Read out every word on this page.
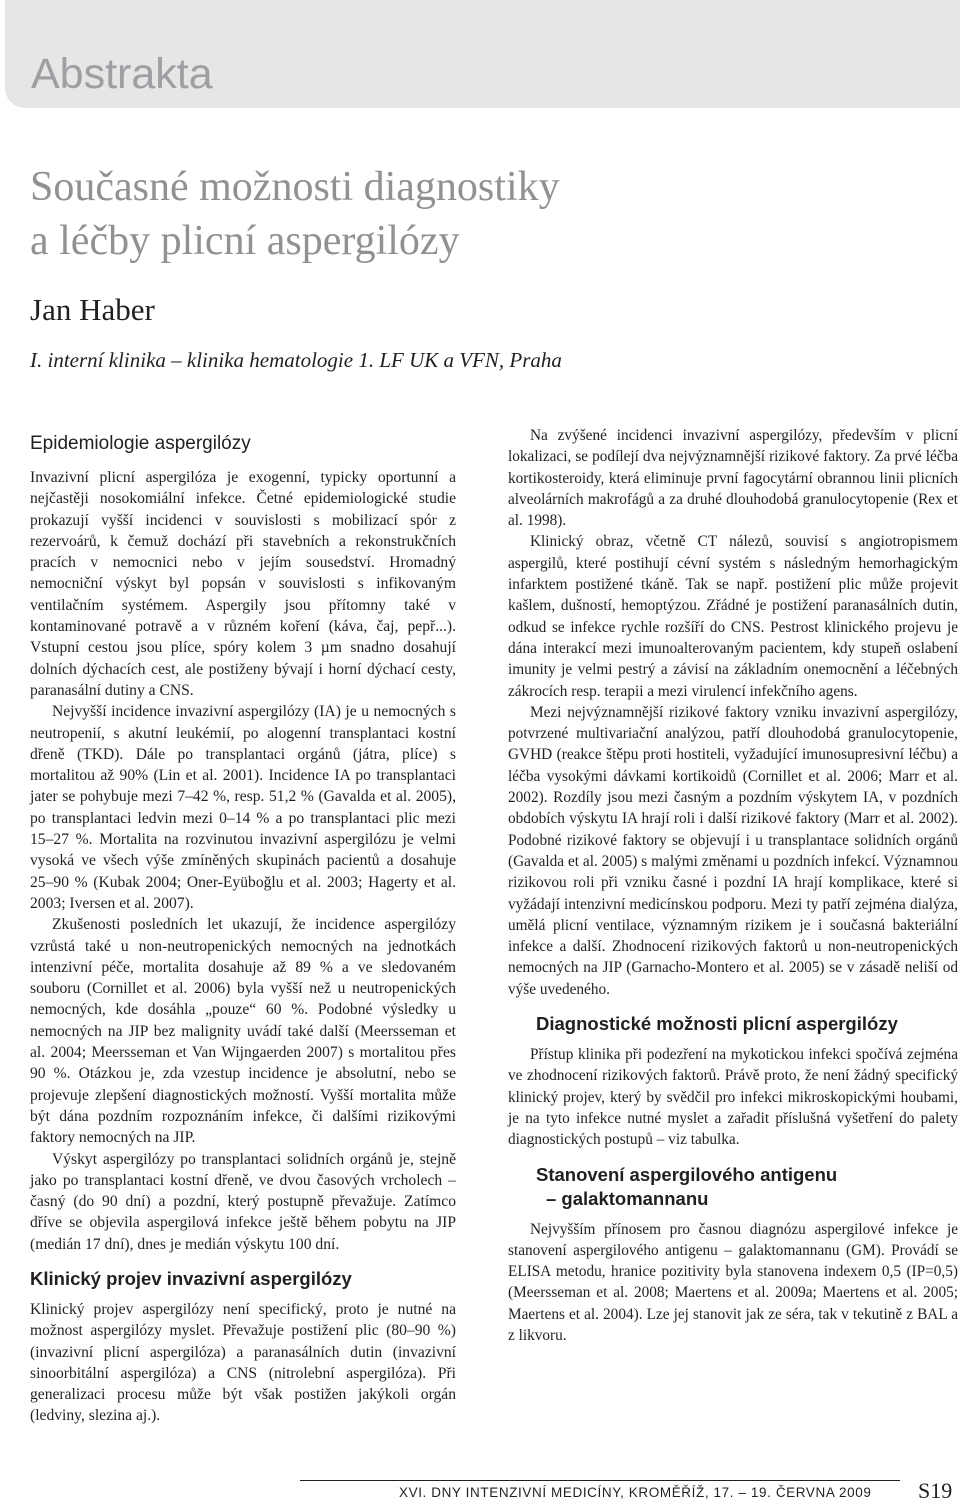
Abstrakta
Současné možnosti diagnostiky
a léčby plicní aspergilózy
Jan Haber
I. interní klinika – klinika hematologie 1. LF UK a VFN, Praha
Epidemiologie aspergilózy

Invazivní plicní aspergilóza je exogenní, typicky oportunní a nejčastěji nosokomiální infekce. Četné epidemiologické studie prokazují vyšší incidenci v souvislosti s mobilizací spór z rezervoárů, k čemuž dochází při stavebních a rekonstrukčních pracích v nemocnici nebo v jejím sousedství. Hromadný nemocniční výskyt byl popsán v souvislosti s infikovaným ventilačním systémem. Aspergily jsou přítomny také v kontaminované potravě a v různém koření (káva, čaj, pepř...). Vstupní cestou jsou plíce, spóry kolem 3 µm snadno dosahují dolních dýchacích cest, ale postiženy bývají i horní dýchací cesty, paranasální dutiny a CNS.

Nejvyšší incidence invazivní aspergilózy (IA) je u nemocných s neutropenií, s akutní leukémií, po alogenní transplantaci kostní dřeně (TKD). Dále po transplantaci orgánů (játra, plíce) s mortalitou až 90% (Lin et al. 2001). Incidence IA po transplantaci jater se pohybuje mezi 7–42 %, resp. 51,2 % (Gavalda et al. 2005), po transplantaci ledvin mezi 0–14 % a po transplantaci plic mezi 15–27 %. Mortalita na rozvinutou invazivní aspergilózu je velmi vysoká ve všech výše zmíněných skupinách pacientů a dosahuje 25–90 % (Kubak 2004; Oner-Eyüboğlu et al. 2003; Hagerty et al. 2003; Iversen et al. 2007).

Zkušenosti posledních let ukazují, že incidence aspergilózy vzrůstá také u non-neutropenických nemocných na jednotkách intenzivní péče, mortalita dosahuje až 89 % a ve sledovaném souboru (Cornillet et al. 2006) byla vyšší než u neutropenických nemocných, kde dosáhla „pouze“ 60 %. Podobné výsledky u nemocných na JIP bez malignity uvádí také další (Meersseman et al. 2004; Meersseman et Van Wijngaerden 2007) s mortalitou přes 90 %. Otázkou je, zda vzestup incidence je absolutní, nebo se projevuje zlepšení diagnostických možností. Vyšší mortalita může být dána pozdním rozpoznáním infekce, či dalšími rizikovými faktory nemocných na JIP.

Výskyt aspergilózy po transplantaci solidních orgánů je, stejně jako po transplantaci kostní dřeně, ve dvou časových vrcholech – časný (do 90 dní) a pozdní, který postupně převažuje. Zatímco dříve se objevila aspergilová infekce ještě během pobytu na JIP (medián 17 dní), dnes je medián výskytu 100 dní.

Klinický projev invazivní aspergilózy

Klinický projev aspergilózy není specifický, proto je nutné na možnost aspergilózy myslet. Převažuje postižení plic (80–90 %) (invazivní plicní aspergilóza) a paranasálních dutin (invazivní sinoorbitální aspergilóza) a CNS (nitrolební aspergilóza). Při generalizaci procesu může být však postižen jakýkoli orgán (ledviny, slezina aj.).

Na zvýšené incidenci invazivní aspergilózy, především v plicní lokalizaci, se podílejí dva nejvýznamnější rizikové faktory. Za prvé léčba kortikosteroidy, která eliminuje první fagocytární obrannou linii plicních alveolárních makrofágů a za druhé dlouhodobá granulocytopenie (Rex et al. 1998).

Klinický obraz, včetně CT nálezů, souvisí s angiotropismem aspergilů, které postihují cévní systém s následným hemorhagickým infarktem postižené tkáně. Tak se např. postižení plic může projevit kašlem, dušností, hemoptýzou. Zřádné je postižení paranasálních dutin, odkud se infekce rychle rozšíří do CNS. Pestrost klinického projevu je dána interakcí mezi imunoalterovaným pacientem, kdy stupeň oslabení imunity je velmi pestrý a závisí na základním onemocnění a léčebných zákrocích resp. terapii a mezi virulencí infekčního agens.

Mezi nejvýznamnější rizikové faktory vzniku invazivní aspergilózy, potvrzené multivariační analýzou, patří dlouhodobá granulocytopenie, GVHD (reakce štěpu proti hostiteli, vyžadující imunosupresivní léčbu) a léčba vysokými dávkami kortikoidů (Cornillet et al. 2006; Marr et al. 2002). Rozdíly jsou mezi časným a pozdním výskytem IA, v pozdních obdobích výskytu IA hrají roli i další rizikové faktory (Marr et al. 2002). Podobné rizikové faktory se objevují i u transplantace solidních orgánů (Gavalda et al. 2005) s malými změnami u pozdních infekcí. Významnou rizikovou roli při vzniku časné i pozdní IA hrají komplikace, které si vyžádají intenzivní medicínskou podporu. Mezi ty patří zejména dialýza, umělá plicní ventilace, významným rizikem je i současná bakteriální infekce a další. Zhodnocení rizikových faktorů u non-neutropenických nemocných na JIP (Garnacho-Montero et al. 2005) se v zásadě neliší od výše uvedeného.

Diagnostické možnosti plicní aspergilózy

Přístup klinika při podezření na mykotickou infekci spočívá zejména ve zhodnocení rizikových faktorů. Právě proto, že není žádný specifický klinický projev, který by svědčil pro infekci mikroskopickými houbami, je na tyto infekce nutné myslet a zařadit příslušná vyšetření do palety diagnostických postupů – viz tabulka.

Stanovení aspergilového antigenu
– galaktomannanu

Nejvyšším přínosem pro časnou diagnózu aspergilové infekce je stanovení aspergilového antigenu – galaktomannanu (GM). Provádí se ELISA metodu, hranice pozitivity byla stanovena indexem 0,5 (IP=0,5) (Meersseman et al. 2008; Maertens et al. 2009a; Maertens et al. 2005; Maertens et al. 2004). Lze jej stanovit jak ze séra, tak v tekutině z BAL a z likvoru.

XVI. DNY INTENZIVNÍ MEDICÍNY, KROMĚŘÍŽ, 17. – 19. ČERVNA 2009 S19
